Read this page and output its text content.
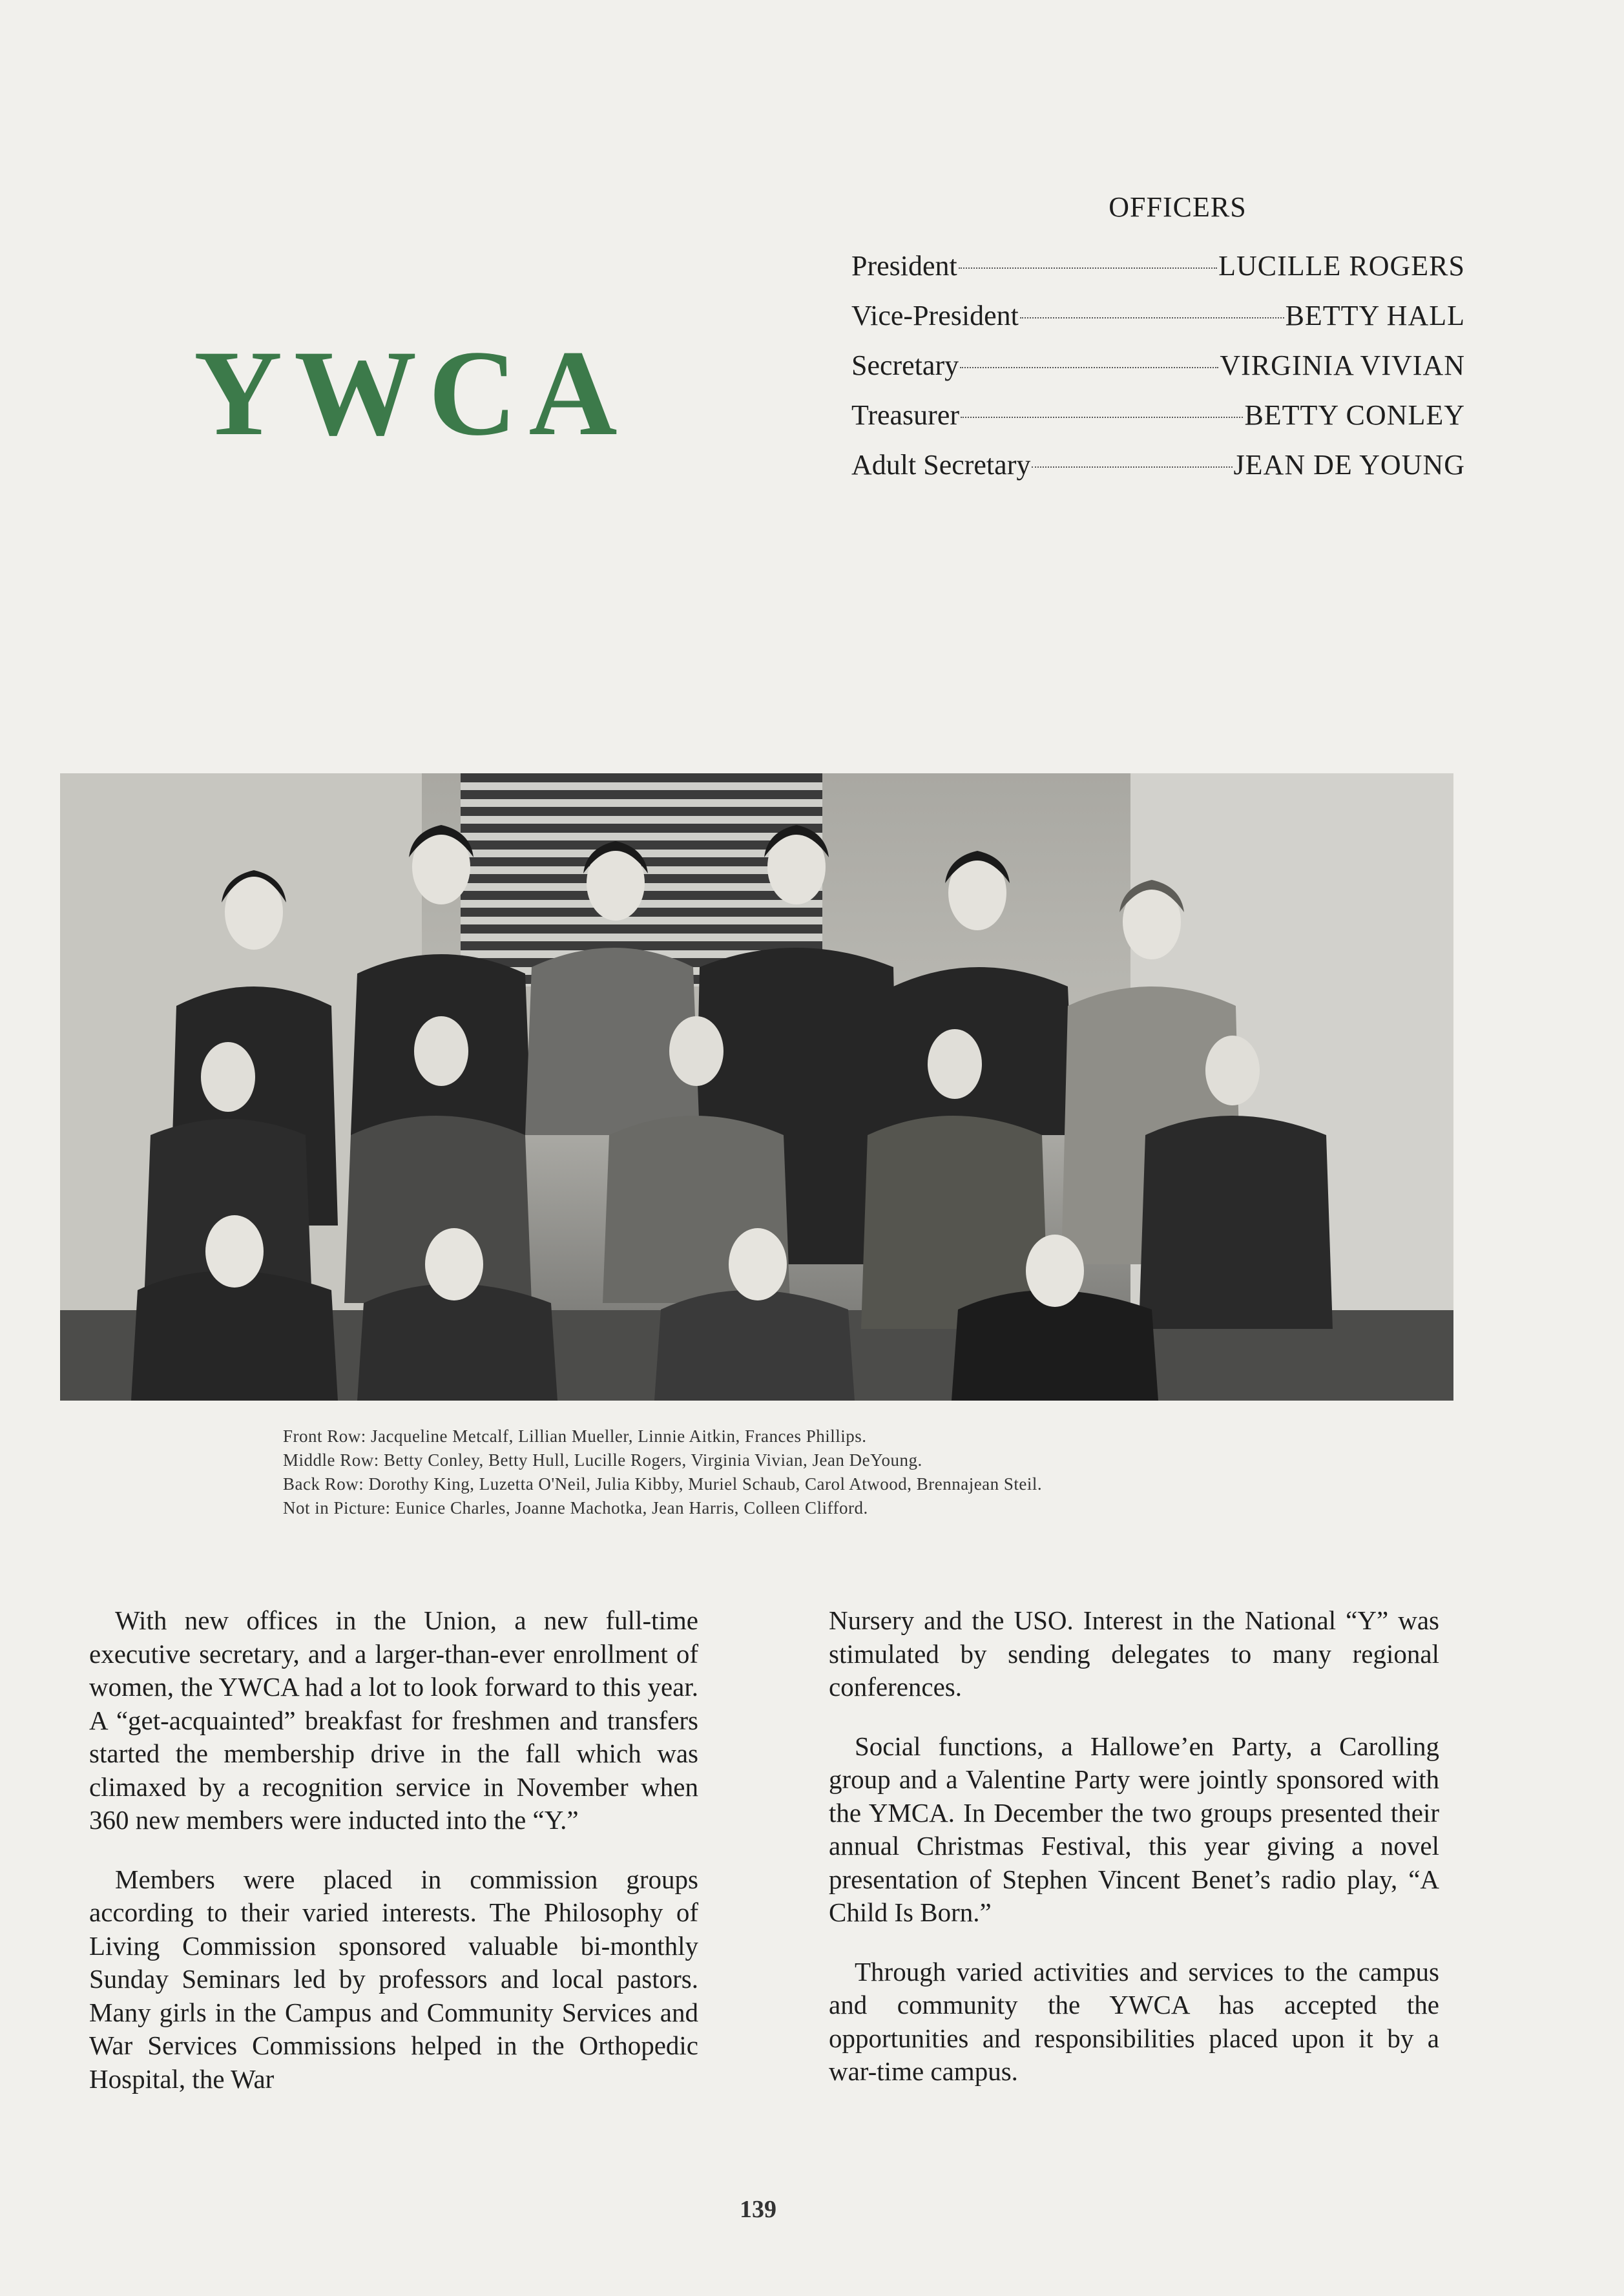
YWCA
OFFICERS
President	LUCILLE ROGERS
Vice-President	BETTY HALL
Secretary	VIRGINIA VIVIAN
Treasurer	BETTY CONLEY
Adult Secretary	JEAN DE YOUNG
Front Row: Jacqueline Metcalf, Lillian Mueller, Linnie Aitkin, Frances Phillips.
Middle Row: Betty Conley, Betty Hull, Lucille Rogers, Virginia Vivian, Jean DeYoung.
Back Row: Dorothy King, Luzetta O'Neil, Julia Kibby, Muriel Schaub, Carol Atwood, Brennajean Steil.
Not in Picture: Eunice Charles, Joanne Machotka, Jean Harris, Colleen Clifford.

With new offices in the Union, a new full-time executive secretary, and a larger-than-ever enrollment of women, the YWCA had a lot to look forward to this year. A “get-acquainted” breakfast for freshmen and transfers started the membership drive in the fall which was climaxed by a recognition service in November when 360 new members were inducted into the “Y.”

Members were placed in commission groups according to their varied interests. The Philosophy of Living Commission sponsored valuable bi-monthly Sunday Seminars led by professors and local pastors. Many girls in the Campus and Community Services and War Services Commissions helped in the Orthopedic Hospital, the War

Nursery and the USO. Interest in the National “Y” was stimulated by sending delegates to many regional conferences.

Social functions, a Hallowe’en Party, a Carolling group and a Valentine Party were jointly sponsored with the YMCA. In December the two groups presented their annual Christmas Festival, this year giving a novel presentation of Stephen Vincent Benet’s radio play, “A Child Is Born.”

Through varied activities and services to the campus and community the YWCA has accepted the opportunities and responsibilities placed upon it by a war-time campus.

139
